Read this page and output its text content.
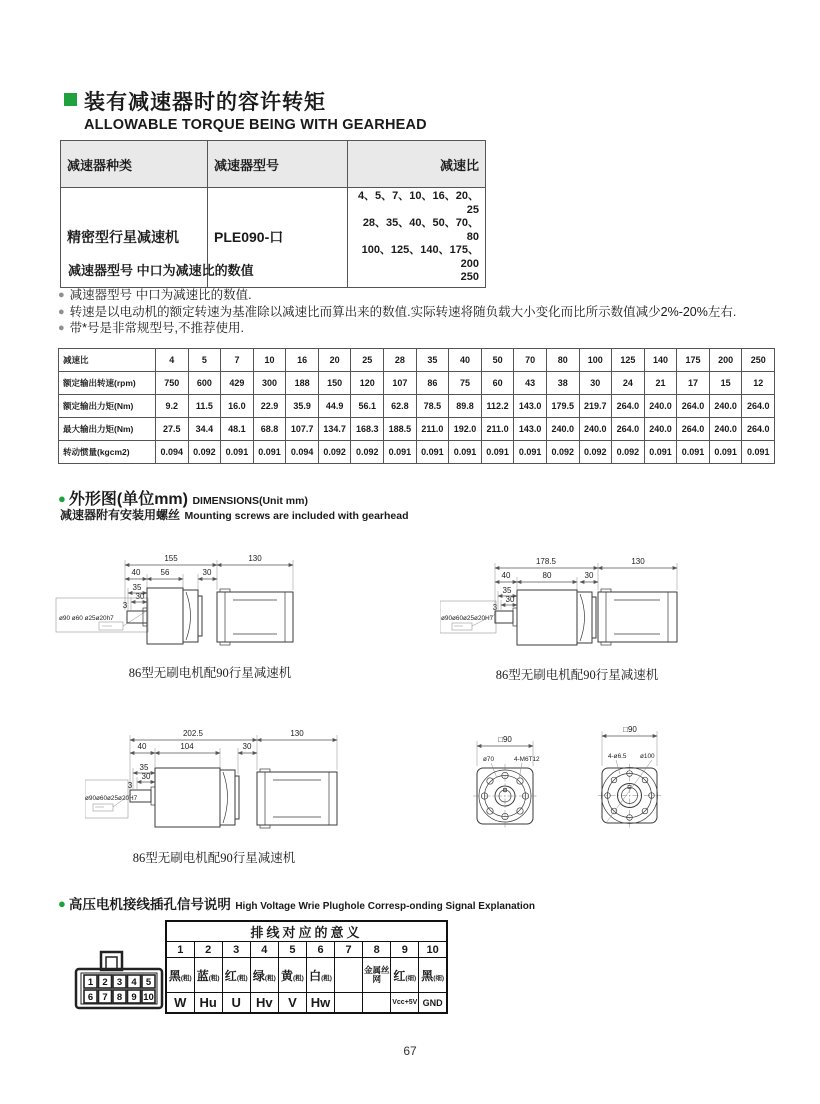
装有减速器时的容许转矩
ALLOWABLE TORQUE BEING WITH GEARHEAD
减速器种类	减速器型号	减速比
精密型行星减速机	PLE090-口	4、5、7、10、16、20、25
28、35、40、50、70、80
100、125、140、175、200
250
减速器型号 中口为减速比的数值
● 减速器型号 中口为减速比的数值.
● 转速是以电动机的额定转速为基准除以减速比而算出来的数值.实际转速将随负载大小变化而比所示数值减少2%-20%左右.
● 带*号是非常规型号,不推荐使用.
减速比	4	5	7	10	16	20	25	28	35	40	50	70	80	100	125	140	175	200	250
额定输出转速(rpm)	750	600	429	300	188	150	120	107	86	75	60	43	38	30	24	21	17	15	12
额定输出力矩(Nm)	9.2	11.5	16.0	22.9	35.9	44.9	56.1	62.8	78.5	89.8	112.2	143.0	179.5	219.7	264.0	240.0	264.0	240.0	264.0
最大输出力矩(Nm)	27.5	34.4	48.1	68.8	107.7	134.7	168.3	188.5	211.0	192.0	211.0	143.0	240.0	240.0	264.0	240.0	264.0	240.0	264.0
转动惯量(kgcm2)	0.094	0.092	0.091	0.091	0.094	0.092	0.092	0.091	0.091	0.091	0.091	0.091	0.092	0.092	0.092	0.091	0.091	0.091	0.091
● 外形图(单位mm) DIMENSIONS(Unit mm)
减速器附有安装用螺丝 Mounting screws are included with gearhead
155	130
40	56	30
35
30
3
ø90 ø60 ø25ø20h7
86型无刷电机配90行星减速机
178.5	130
40	80	30
35
30
3
ø90ø60ø25ø20H7
86型无刷电机配90行星减速机
202.5	130
40	104	30
35
30
3
ø90ø60ø25ø20H7
86型无刷电机配90行星减速机
□90
ø70	4-M6T12
□90
4-ø6.5 ø100
● 高压电机接线插孔信号说明 High Voltage Wrie Plughole Corresp-onding Signal Explanation
1 2 3 4 5
6 7 8 9 10
排线对应的意义									
1	2	3	4	5	6	7	8	9	10
黑(粗)	蓝(粗)	红(粗)	绿(粗)	黄(粗)	白(粗)		金属丝网	红(细)	黑(细)
W	Hu	U	Hv	V	Hw			Vcc+5V	GND
67
